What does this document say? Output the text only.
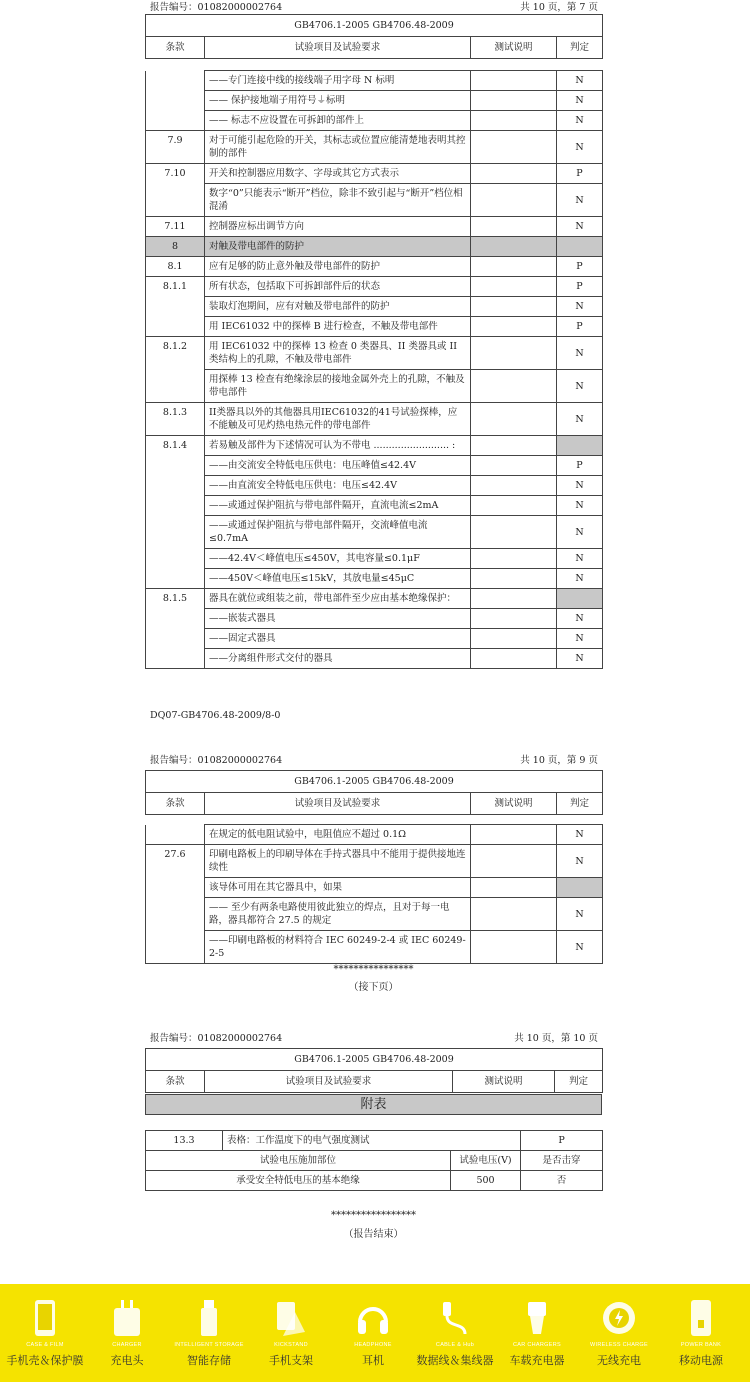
报告编号：01082000002764	共 10 页，第 7 页
GB4706.1-2005 GB4706.48-2009
条款	试验项目及试验要求	测试说明	判定
	——专门连接中线的接线端子用字母 N 标明		N
	—— 保护接地端子用符号⏚标明		N
	—— 标志不应设置在可拆卸的部件上		N
7.9	对于可能引起危险的开关，其标志或位置应能清楚地表明其控制的部件		N
7.10	开关和控制器应用数字、字母或其它方式表示		P
	数字“0”只能表示“断开”档位，除非不致引起与“断开”档位相混淆		N
7.11	控制器应标出调节方向		N
8	对触及带电部件的防护		
8.1	应有足够的防止意外触及带电部件的防护		P
8.1.1	所有状态，包括取下可拆卸部件后的状态		P
	装取灯泡期间，应有对触及带电部件的防护		N
	用 IEC61032 中的探棒 B 进行检查，不触及带电部件		P
8.1.2	用 IEC61032 中的探棒 13 检查 0 类器具、II 类器具或 II 类结构上的孔隙，不触及带电部件		N
	用探棒 13 检查有绝缘涂层的接地金属外壳上的孔隙，不触及带电部件		N
8.1.3	II类器具以外的其他器具用IEC61032的41号试验探棒，应不能触及可见灼热电热元件的带电部件		N
8.1.4	若易触及部件为下述情况可认为不带电 ......................... :		
	——由交流安全特低电压供电：电压峰值≤42.4V		P
	——由直流安全特低电压供电：电压≤42.4V		N
	——或通过保护阻抗与带电部件隔开，直流电流≤2mA		N
	——或通过保护阻抗与带电部件隔开，交流峰值电流≤0.7mA		N
	——42.4V＜峰值电压≤450V，其电容量≤0.1μF		N
	——450V＜峰值电压≤15kV，其放电量≤45μC		N
8.1.5	器具在就位或组装之前，带电部件至少应由基本绝缘保护：		
	——嵌装式器具		N
	——固定式器具		N
	——分离组件形式交付的器具		N
DQ07-GB4706.48-2009/8-0
报告编号：01082000002764	共 10 页，第 9 页
GB4706.1-2005 GB4706.48-2009
条款	试验项目及试验要求	测试说明	判定
	在规定的低电阻试验中，电阻值应不超过 0.1Ω		N
27.6	印刷电路板上的印刷导体在手持式器具中不能用于提供接地连续性		N
	该导体可用在其它器具中，如果		
	—— 至少有两条电路使用彼此独立的焊点，且对于每一电路，器具都符合 27.5 的规定		N
	——印刷电路板的材料符合 IEC 60249-2-4 或 IEC 60249-2-5		N
****************
（接下页）
报告编号：01082000002764	共 10 页，第 10 页
GB4706.1-2005 GB4706.48-2009
条款	试验项目及试验要求	测试说明	判定
附表
13.3	表格：工作温度下的电气强度测试		P
试验电压施加部位		试验电压(V)	是否击穿
承受安全特低电压的基本绝缘		500	否
*****************
（报告结束）
CASE & FILM
手机壳＆保护膜
CHARGER
充电头
INTELLIGENT STORAGE
智能存储
KICKSTAND
手机支架
HEADPHONE
耳机
CABLE & Hub
数据线＆集线器
CAR CHARGERS
车载充电器
WIRELESS CHARGE
无线充电
POWER BANK
移动电源
